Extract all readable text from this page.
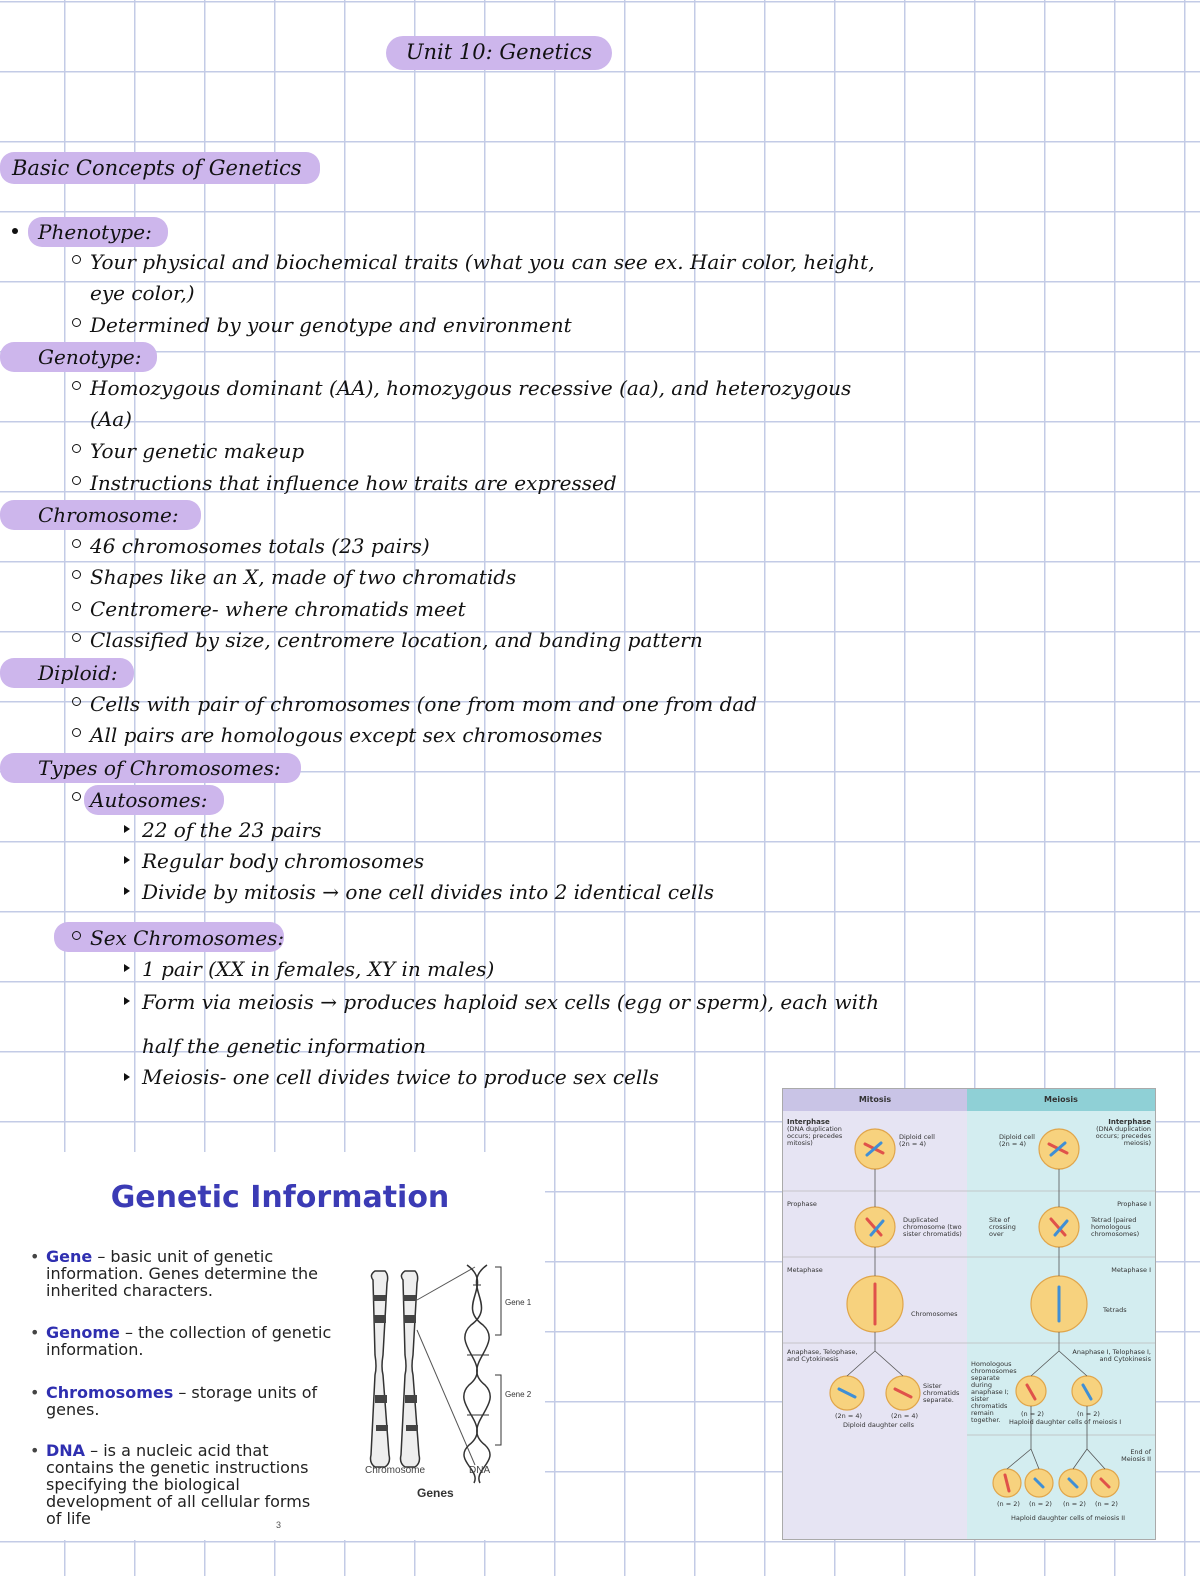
Unit 10: Genetics
Basic Concepts of Genetics
Phenotype:
Your physical and biochemical traits (what you can see ex. Hair color, height,
eye color,)
Determined by your genotype and environment
Genotype:
Homozygous dominant (AA), homozygous recessive (aa), and heterozygous
(Aa)
Your genetic makeup
Instructions that influence how traits are expressed
Chromosome:
46 chromosomes totals (23 pairs)
Shapes like an X, made of two chromatids
Centromere- where chromatids meet
Classified by size, centromere location, and banding pattern
Diploid:
Cells with pair of chromosomes (one from mom and one from dad
All pairs are homologous except sex chromosomes
Types of Chromosomes:
Autosomes:
22 of the 23 pairs
Regular body chromosomes
Divide by mitosis → one cell divides into 2 identical cells
Sex Chromosomes:
1 pair (XX in females, XY in males)
Form via meiosis → produces haploid sex cells (egg or sperm), each with
half the genetic information
Meiosis- one cell divides twice to produce sex cells
Genetic Information
• Gene – basic unit of genetic information. Genes determine the inherited characters.
• Genome – the collection of genetic information.
• Chromosomes – storage units of genes.
• DNA – is a nucleic acid that contains the genetic instructions specifying the biological development of all cellular forms of life
Gene 1
Gene 2
Chromosome	DNA
Genes
3
Mitosis	Meiosis
Interphase
(DNA duplication occurs; precedes mitosis)
Diploid cell
(2n = 4)
Prophase
Duplicated chromosome (two sister chromatids)
Metaphase
Chromosomes
Anaphase, Telophase, and Cytokinesis
Sister chromatids separate.
(2n = 4)	(2n = 4)
Diploid daughter cells
Interphase
(DNA duplication occurs; precedes meiosis)
Diploid cell
(2n = 4)
Prophase I
Site of crossing over
Tetrad (paired homologous chromosomes)
Metaphase I
Tetrads
Anaphase I, Telophase I, and Cytokinesis
Homologous chromosomes separate during anaphase I; sister chromatids remain together.
(n = 2)	(n = 2)
Haploid daughter cells of meiosis I
End of Meiosis II
(n = 2) (n = 2) (n = 2) (n = 2)
Haploid daughter cells of meiosis II
